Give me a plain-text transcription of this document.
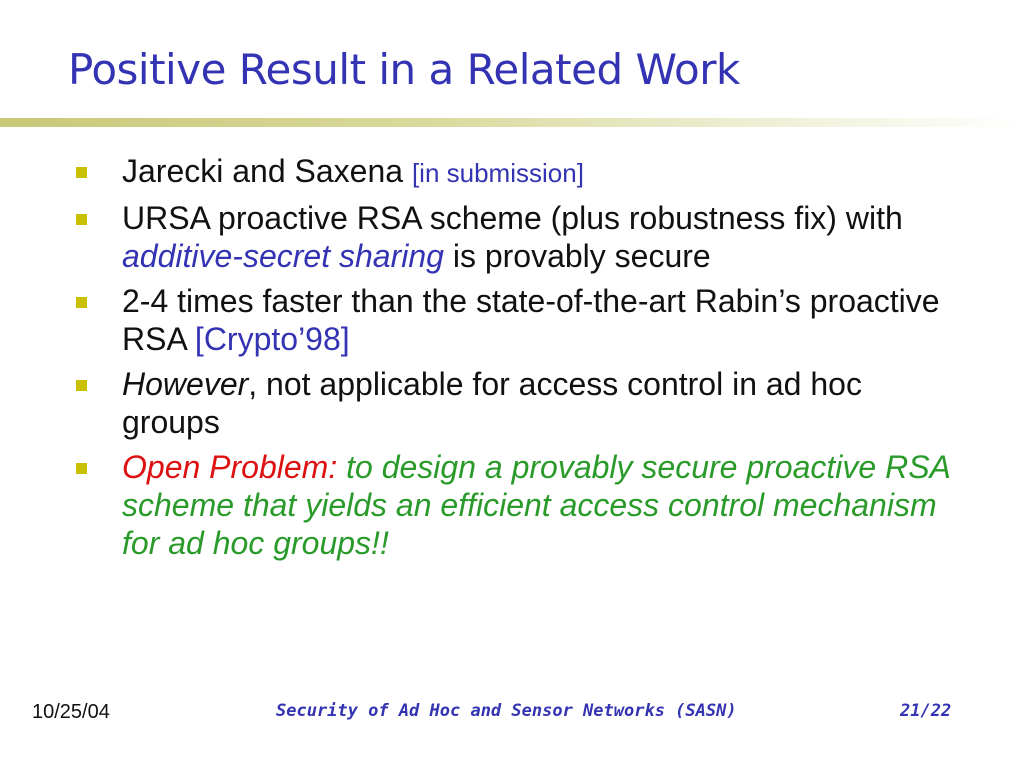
Positive Result in a Related Work
Jarecki and Saxena [in submission]
URSA proactive RSA scheme (plus robustness fix) with additive-secret sharing is provably secure
2-4 times faster than the state-of-the-art Rabin’s proactive RSA [Crypto’98]
However, not applicable for access control in ad hoc groups
Open Problem: to design a provably secure proactive RSA scheme that yields an efficient access control mechanism for ad hoc groups!!
10/25/04	Security of Ad Hoc and Sensor Networks (SASN)	21/22
